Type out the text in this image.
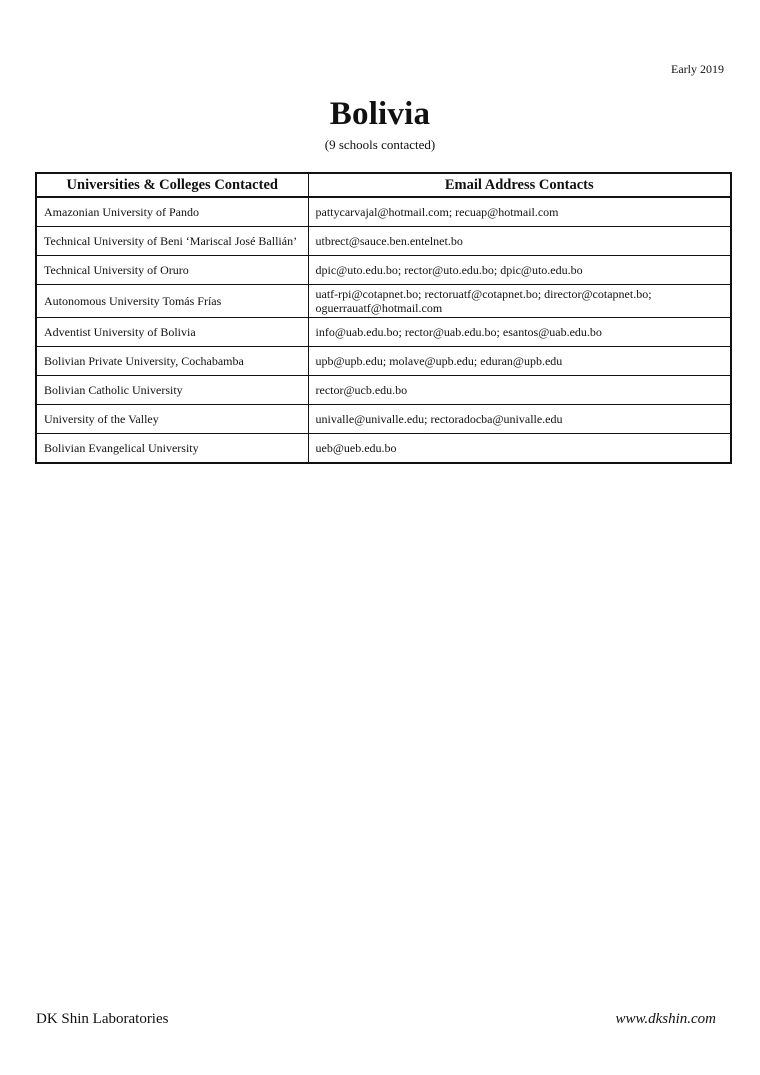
Early 2019
Bolivia
(9 schools contacted)
Universities & Colleges Contacted	Email Address Contacts
Amazonian University of Pando	pattycarvajal@hotmail.com; recuap@hotmail.com
Technical University of Beni ‘Mariscal José Ballián’	utbrect@sauce.ben.entelnet.bo
Technical University of Oruro	dpic@uto.edu.bo; rector@uto.edu.bo; dpic@uto.edu.bo
Autonomous University Tomás Frías	uatf-rpi@cotapnet.bo; rectoruatf@cotapnet.bo; director@cotapnet.bo; oguerrauatf@hotmail.com
Adventist University of Bolivia	info@uab.edu.bo; rector@uab.edu.bo; esantos@uab.edu.bo
Bolivian Private University, Cochabamba	upb@upb.edu; molave@upb.edu; eduran@upb.edu
Bolivian Catholic University	rector@ucb.edu.bo
University of the Valley	univalle@univalle.edu; rectoradocba@univalle.edu
Bolivian Evangelical University	ueb@ueb.edu.bo
DK Shin Laboratories	www.dkshin.com
